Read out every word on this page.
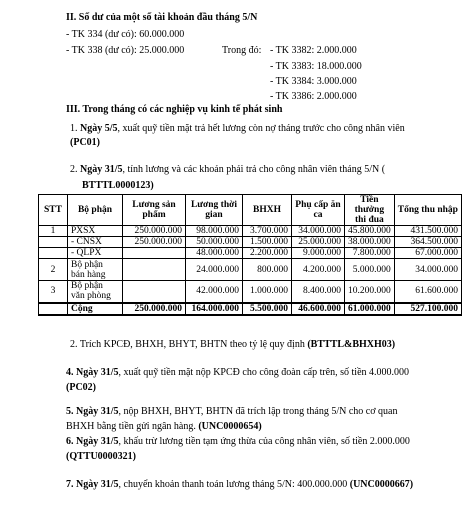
II. Số dư của một số tài khoản đầu tháng 5/N
- TK 334 (dư có): 60.000.000
- TK 338 (dư có): 25.000.000	Trong đó: - TK 3382: 2.000.000
- TK 3383: 18.000.000
- TK 3384: 3.000.000
- TK 3386: 2.000.000
III. Trong tháng có các nghiệp vụ kinh tế phát sinh
1. Ngày 5/5, xuất quỹ tiền mặt trả hết lương còn nợ tháng trước cho công nhân viên
(PC01)
2. Ngày 31/5, tính lương và các khoản phải trả cho công nhân viên tháng 5/N (
BTTTL0000123)
STT	Bộ phận	Lương sản phẩm	Lương thời gian	BHXH	Phụ cấp ăn ca	Tiền thưởng thi đua	Tổng thu nhập
1	PXSX	250.000.000	98.000.000	3.700.000	34.000.000	45.800.000	431.500.000
	- CNSX	250.000.000	50.000.000	1.500.000	25.000.000	38.000.000	364.500.000
	- QLPX		48.000.000	2.200.000	9.000.000	7.800.000	67.000.000
2	Bộ phận bán hàng		24.000.000	800.000	4.200.000	5.000.000	34.000.000
3	Bộ phận văn phòng		42.000.000	1.000.000	8.400.000	10.200.000	61.600.000
	Cộng	250.000.000	164.000.000	5.500.000	46.600.000	61.000.000	527.100.000
2. Trích KPCĐ, BHXH, BHYT, BHTN theo tỷ lệ quy định (BTTTL&BHXH03)
4. Ngày 31/5, xuất quỹ tiền mặt nộp KPCĐ cho công đoàn cấp trên, số tiền 4.000.000
(PC02)
5. Ngày 31/5, nộp BHXH, BHYT, BHTN đã trích lập trong tháng 5/N cho cơ quan
BHXH bằng tiền gửi ngân hàng. (UNC0000654)
6. Ngày 31/5, khấu trừ lương tiền tạm ứng thừa của công nhân viên, số tiền 2.000.000
(QTTU0000321)
7. Ngày 31/5, chuyển khoản thanh toán lương tháng 5/N: 400.000.000 (UNC0000667)
